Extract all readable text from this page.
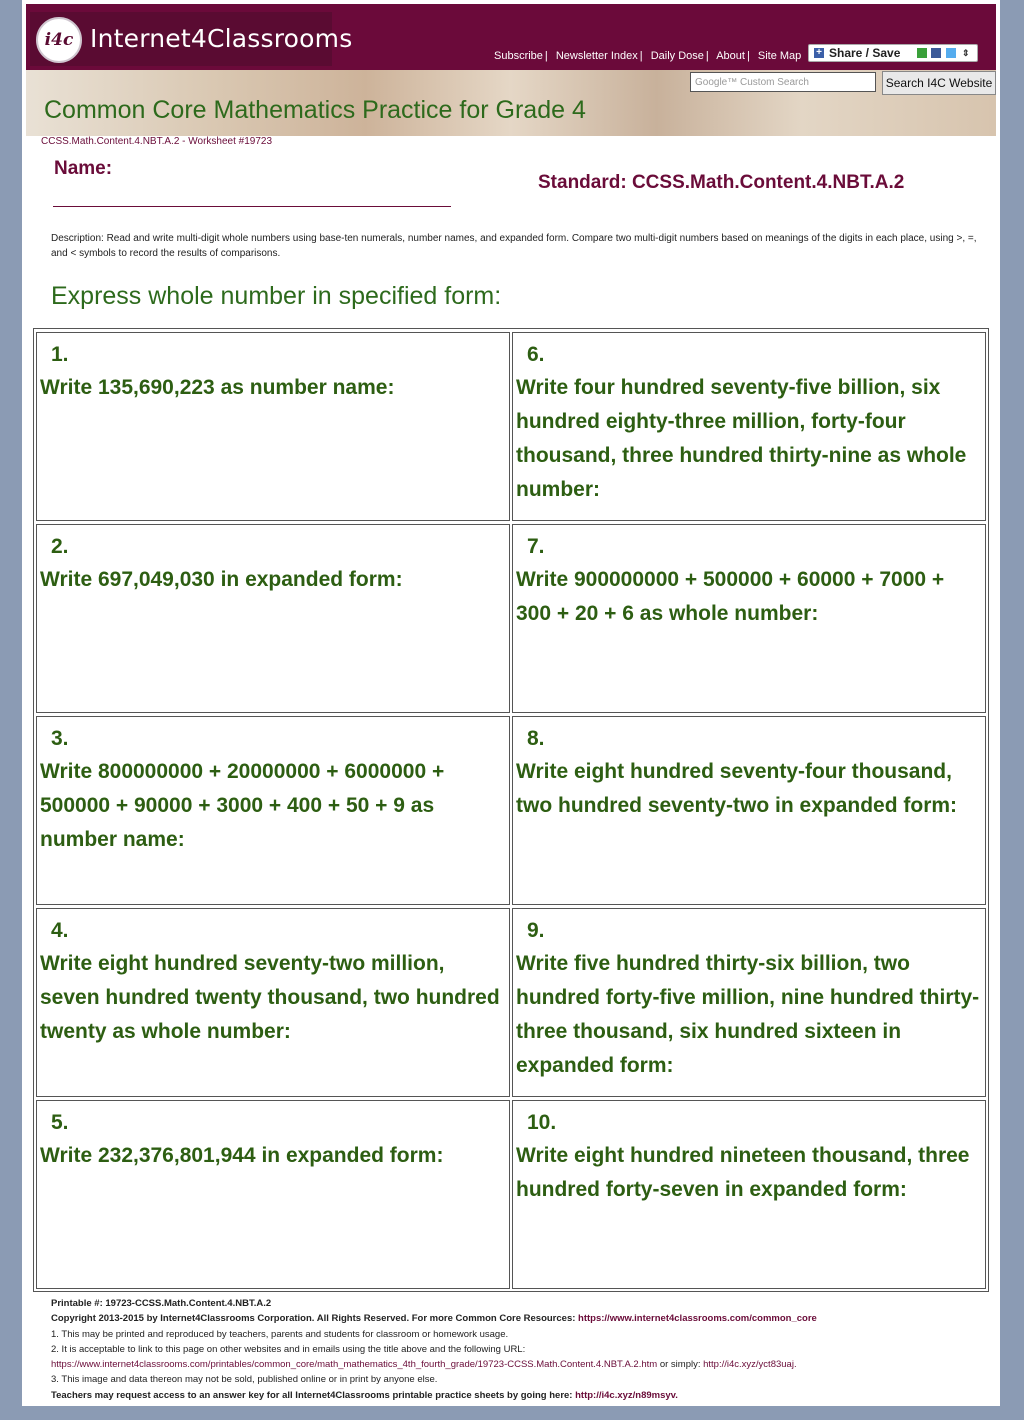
i4c Internet4Classrooms
Subscribe | Newsletter Index | Daily Dose | About | Site Map + Share / Save	⇕
Google™ Custom Search	Search I4C Website
Common Core Mathematics Practice for Grade 4
CCSS.Math.Content.4.NBT.A.2 - Worksheet #19723
Name:
Standard: CCSS.Math.Content.4.NBT.A.2
Description: Read and write multi-digit whole numbers using base-ten numerals, number names, and expanded form. Compare two multi-digit numbers based on meanings of the digits in each place, using >, =, and < symbols to record the results of comparisons.
Express whole number in specified form:
1.
Write 135,690,223 as number name:
2.
Write 697,049,030 in expanded form:
3.
Write 800000000 + 20000000 + 6000000 + 500000 + 90000 + 3000 + 400 + 50 + 9 as number name:
4.
Write eight hundred seventy-two million, seven hundred twenty thousand, two hundred twenty as whole number:
5.
Write 232,376,801,944 in expanded form:
6.
Write four hundred seventy-five billion, six hundred eighty-three million, forty-four thousand, three hundred thirty-nine as whole number:
7.
Write 900000000 + 500000 + 60000 + 7000 + 300 + 20 + 6 as whole number:
8.
Write eight hundred seventy-four thousand, two hundred seventy-two in expanded form:
9.
Write five hundred thirty-six billion, two hundred forty-five million, nine hundred thirty-three thousand, six hundred sixteen in expanded form:
10.
Write eight hundred nineteen thousand, three hundred forty-seven in expanded form:
Printable #: 19723-CCSS.Math.Content.4.NBT.A.2
Copyright 2013-2015 by Internet4Classrooms Corporation. All Rights Reserved. For more Common Core Resources: https://www.internet4classrooms.com/common_core
1. This may be printed and reproduced by teachers, parents and students for classroom or homework usage.
2. It is acceptable to link to this page on other websites and in emails using the title above and the following URL:
https://www.internet4classrooms.com/printables/common_core/math_mathematics_4th_fourth_grade/19723-CCSS.Math.Content.4.NBT.A.2.htm or simply: http://i4c.xyz/yct83uaj.
3. This image and data thereon may not be sold, published online or in print by anyone else.
Teachers may request access to an answer key for all Internet4Classrooms printable practice sheets by going here: http://i4c.xyz/n89msyv.
